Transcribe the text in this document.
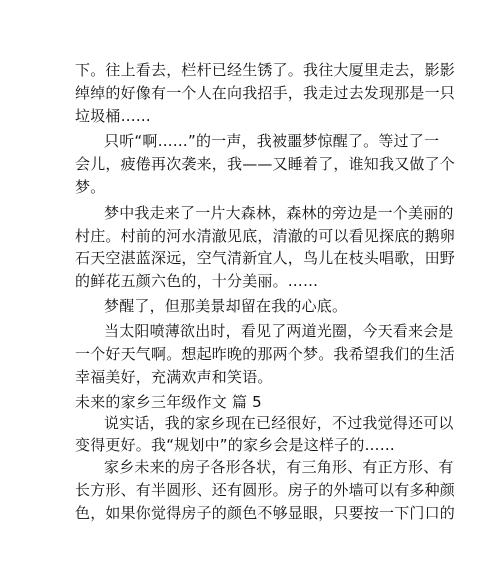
下。往上看去，栏杆已经生锈了。我往大厦里走去，影影
绰绰的好像有一个人在向我招手，我走过去发现那是一只
垃圾桶……
只听“啊……”的一声，我被噩梦惊醒了。等过了一
会儿，疲倦再次袭来，我——又睡着了，谁知我又做了个
梦。
梦中我走来了一片大森林，森林的旁边是一个美丽的
村庄。村前的河水清澈见底，清澈的可以看见探底的鹅卵
石天空湛蓝深远，空气清新宜人，鸟儿在枝头唱歌，田野
的鲜花五颜六色的，十分美丽。……
梦醒了，但那美景却留在我的心底。
当太阳喷薄欲出时，看见了两道光圈，今天看来会是
一个好天气啊。想起昨晚的那两个梦。我希望我们的生活
幸福美好，充满欢声和笑语。
未来的家乡三年级作文 篇 5
说实话，我的家乡现在已经很好，不过我觉得还可以
变得更好。我“规划中”的家乡会是这样子的……
家乡未来的房子各形各状，有三角形、有正方形、有
长方形、有半圆形、还有圆形。房子的外墙可以有多种颜
色，如果你觉得房子的颜色不够显眼，只要按一下门口的
